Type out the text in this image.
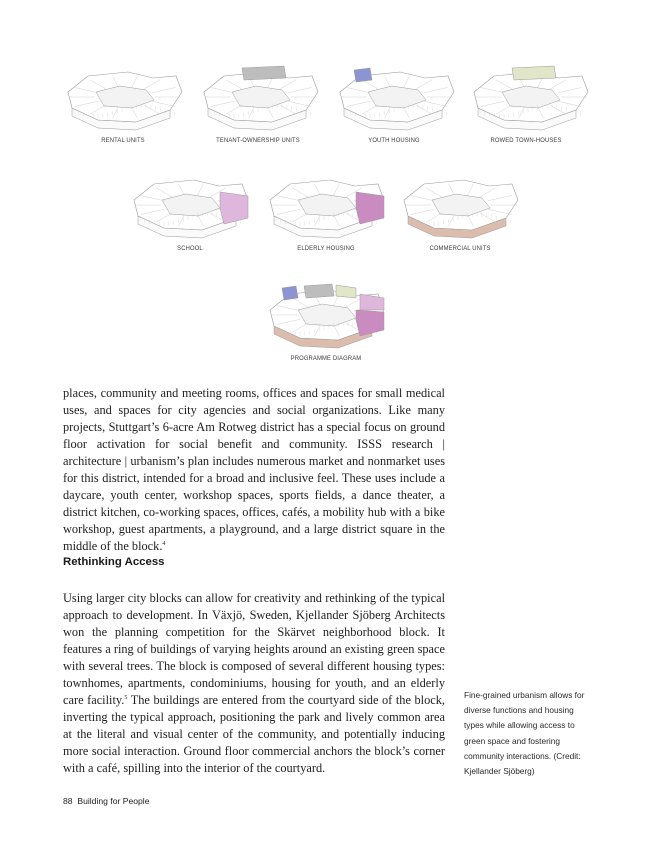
RENTAL UNITS	TENANT-OWNERSHIP UNITS	YOUTH HOUSING	ROWED TOWN-HOUSES
SCHOOL	ELDERLY HOUSING	COMMERCIAL UNITS
PROGRAMME DIAGRAM

places, community and meeting rooms, offices and spaces for small medical uses, and spaces for city agencies and social organizations. Like many projects, Stuttgart’s 6-acre Am Rotweg district has a special focus on ground floor activation for social benefit and community. ISSS research | architecture | urbanism’s plan includes numerous market and nonmarket uses for this district, intended for a broad and inclusive feel. These uses include a daycare, youth center, workshop spaces, sports fields, a dance theater, a district kitchen, co-working spaces, offices, cafés, a mobility hub with a bike workshop, guest apartments, a playground, and a large district square in the middle of the block.$^4$

Rethinking Access

Using larger city blocks can allow for creativity and rethinking of the typical approach to development. In Växjö, Sweden, Kjellander Sjöberg Architects won the planning competition for the Skärvet neighborhood block. It features a ring of buildings of varying heights around an existing green space with several trees. The block is composed of several different housing types: townhomes, apartments, condominiums, housing for youth, and an elderly care facility.$^5$ The buildings are entered from the courtyard side of the block, inverting the typical approach, positioning the park and lively common area at the literal and visual center of the community, and potentially inducing more social interaction. Ground floor commercial anchors the block’s corner with a café, spilling into the interior of the courtyard.

Fine-grained urbanism allows for diverse functions and housing types while allowing access to green space and fostering community interactions. (Credit: Kjellander Sjöberg)

88 Building for People
